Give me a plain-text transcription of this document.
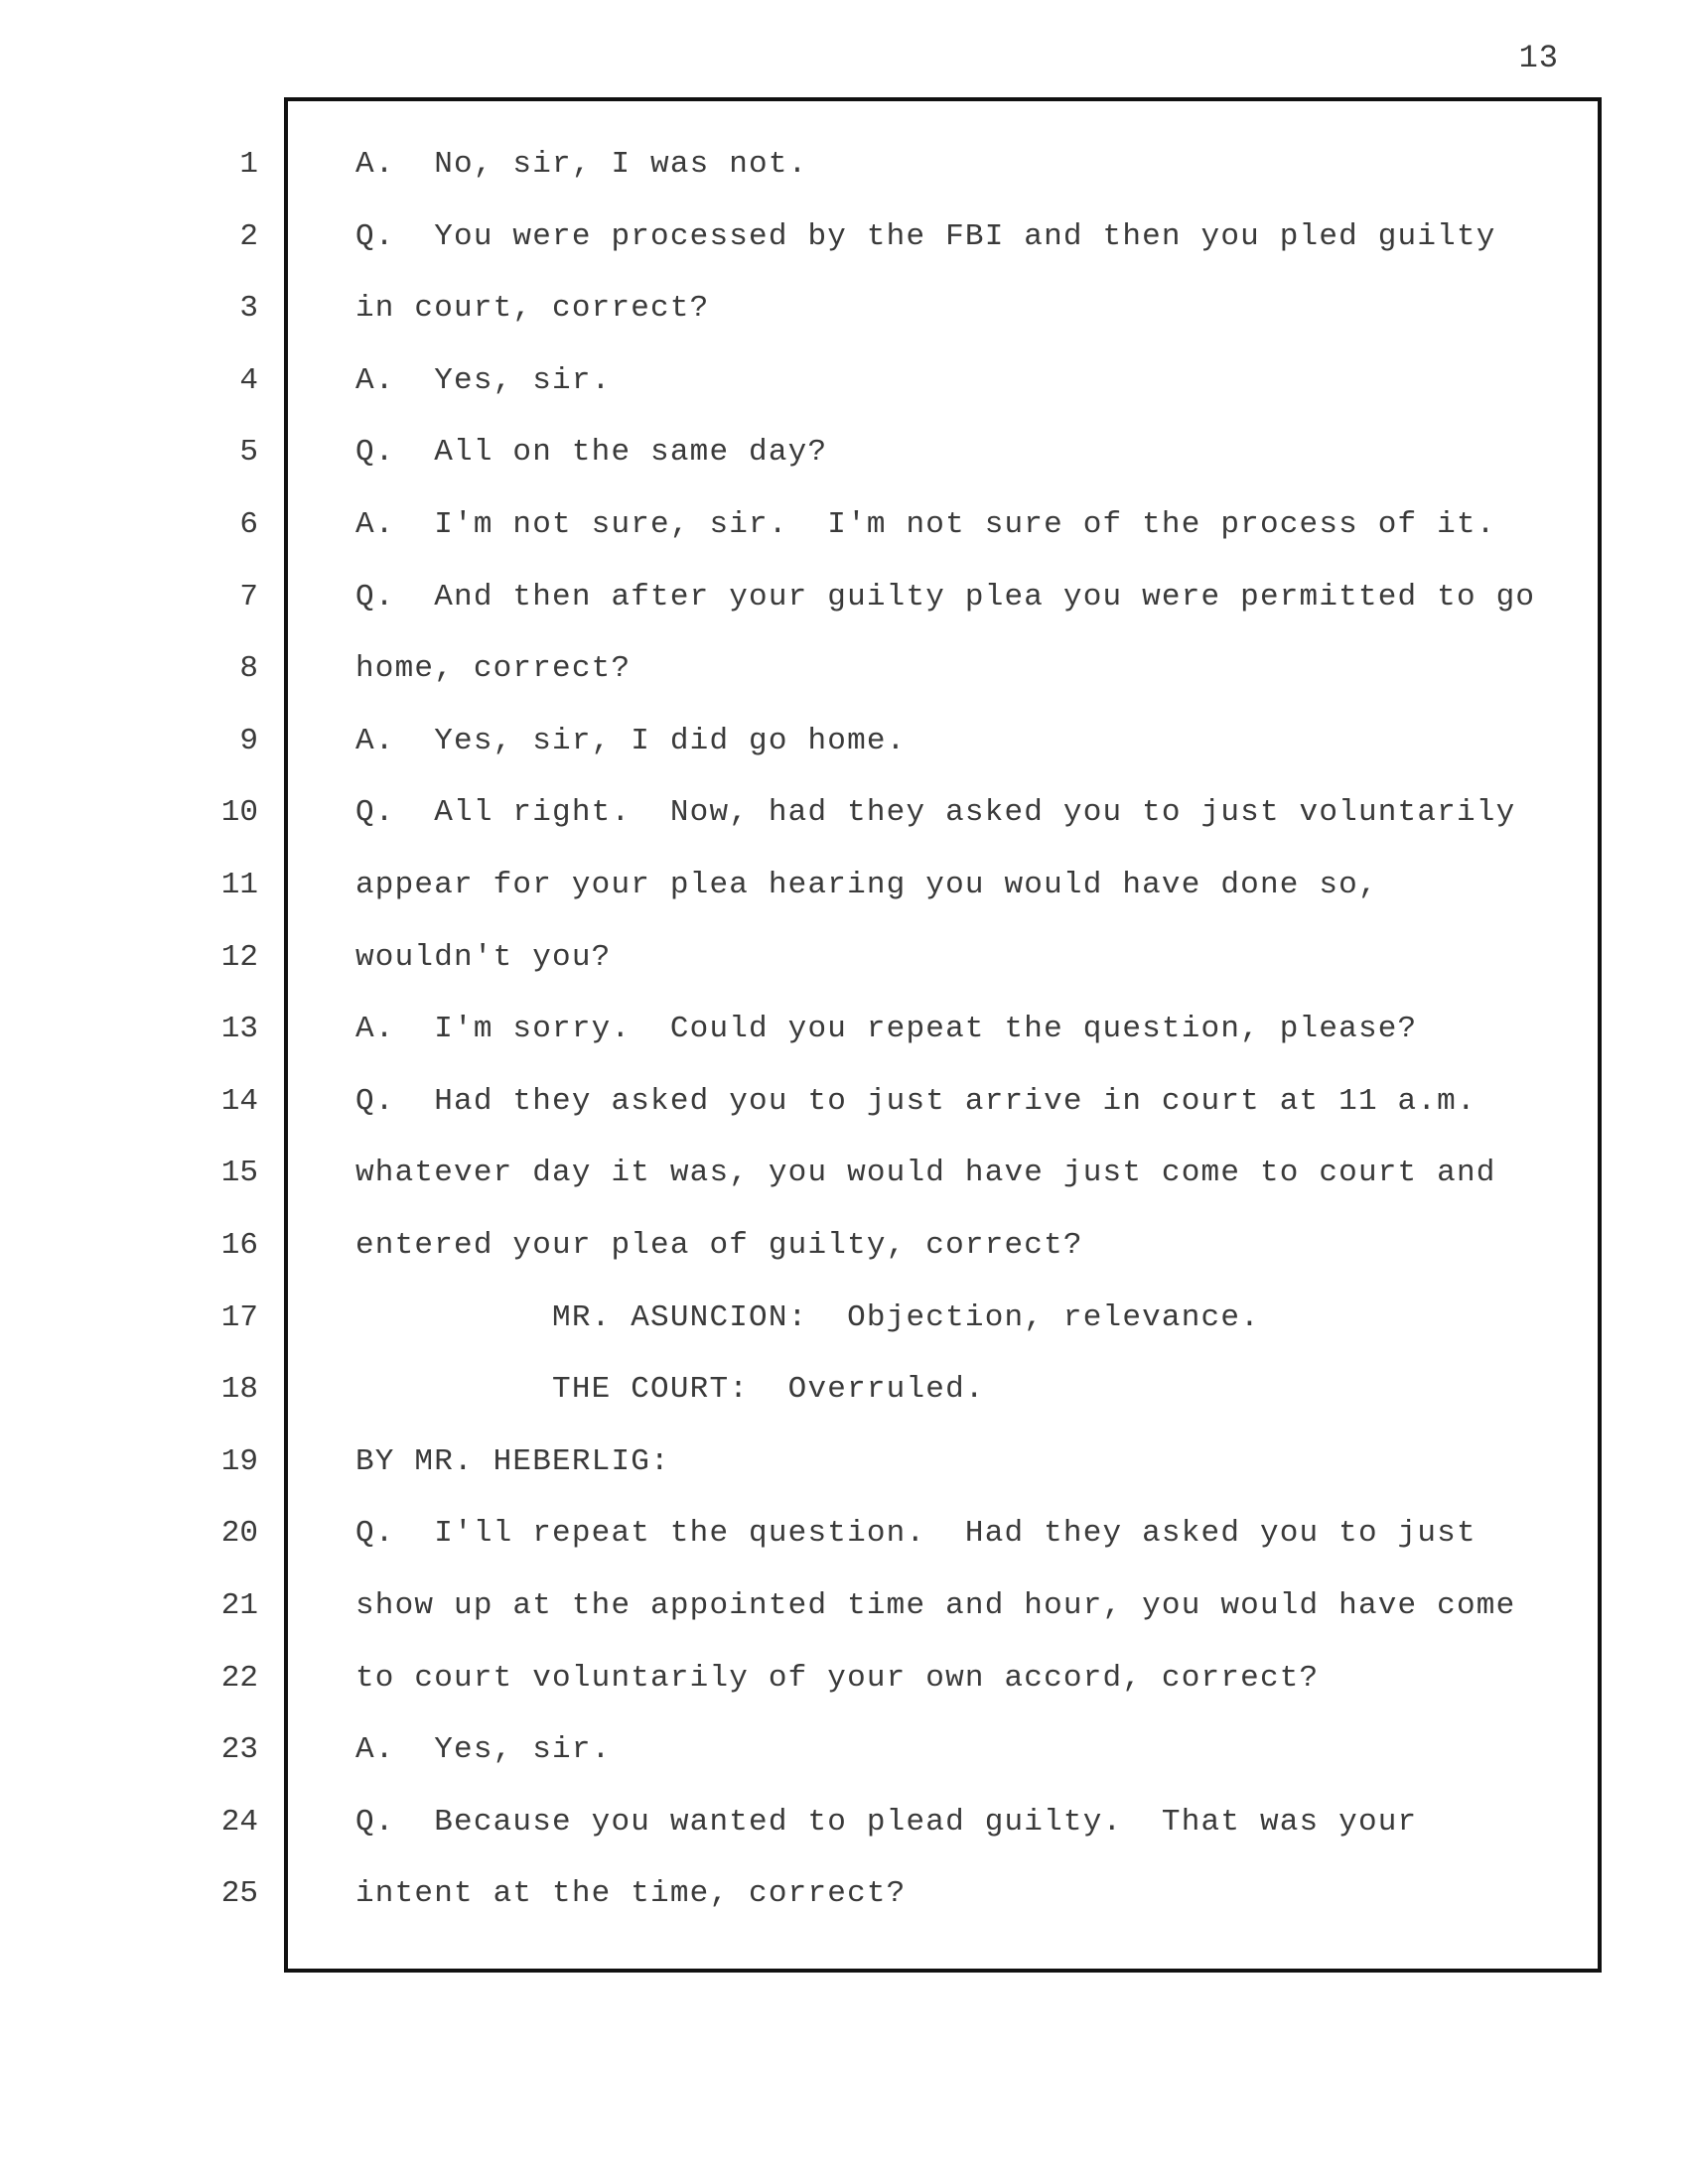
13
1	A.  No, sir, I was not.
2	Q.  You were processed by the FBI and then you pled guilty
3	in court, correct?
4	A.  Yes, sir.
5	Q.  All on the same day?
6	A.  I'm not sure, sir.  I'm not sure of the process of it.
7	Q.  And then after your guilty plea you were permitted to go
8	home, correct?
9	A.  Yes, sir, I did go home.
10	Q.  All right.  Now, had they asked you to just voluntarily
11	appear for your plea hearing you would have done so,
12	wouldn't you?
13	A.  I'm sorry.  Could you repeat the question, please?
14	Q.  Had they asked you to just arrive in court at 11 a.m.
15	whatever day it was, you would have just come to court and
16	entered your plea of guilty, correct?
17	MR. ASUNCION:  Objection, relevance.
18	THE COURT:  Overruled.
19	BY MR. HEBERLIG:
20	Q.  I'll repeat the question.  Had they asked you to just
21	show up at the appointed time and hour, you would have come
22	to court voluntarily of your own accord, correct?
23	A.  Yes, sir.
24	Q.  Because you wanted to plead guilty.  That was your
25	intent at the time, correct?
